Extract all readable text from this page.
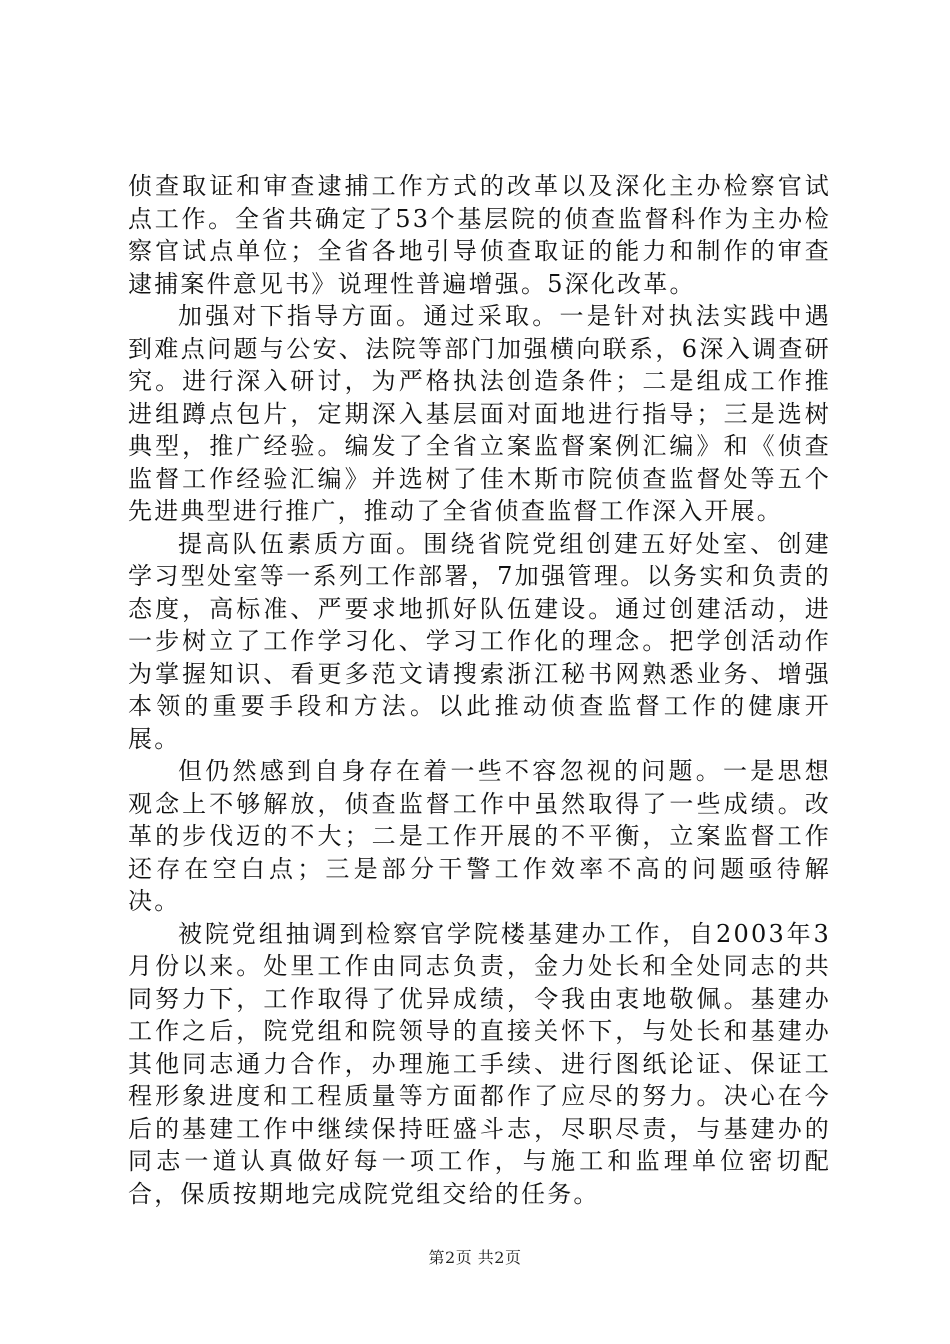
侦查取证和审查逮捕工作方式的改革以及深化主办检察官试点工作。全省共确定了53个基层院的侦查监督科作为主办检察官试点单位；全省各地引导侦查取证的能力和制作的审查逮捕案件意见书》说理性普遍增强。5深化改革。

加强对下指导方面。通过采取。一是针对执法实践中遇到难点问题与公安、法院等部门加强横向联系，6深入调查研究。进行深入研讨，为严格执法创造条件；二是组成工作推进组蹲点包片，定期深入基层面对面地进行指导；三是选树典型，推广经验。编发了全省立案监督案例汇编》和《侦查监督工作经验汇编》并选树了佳木斯市院侦查监督处等五个先进典型进行推广，推动了全省侦查监督工作深入开展。

提高队伍素质方面。围绕省院党组创建五好处室、创建学习型处室等一系列工作部署，7加强管理。以务实和负责的态度，高标准、严要求地抓好队伍建设。通过创建活动，进一步树立了工作学习化、学习工作化的理念。把学创活动作为掌握知识、看更多范文请搜索浙江秘书网熟悉业务、增强本领的重要手段和方法。以此推动侦查监督工作的健康开展。

但仍然感到自身存在着一些不容忽视的问题。一是思想观念上不够解放，侦查监督工作中虽然取得了一些成绩。改革的步伐迈的不大；二是工作开展的不平衡，立案监督工作还存在空白点；三是部分干警工作效率不高的问题亟待解决。

被院党组抽调到检察官学院楼基建办工作，自2003年3月份以来。处里工作由同志负责，金力处长和全处同志的共同努力下，工作取得了优异成绩，令我由衷地敬佩。基建办工作之后，院党组和院领导的直接关怀下，与处长和基建办其他同志通力合作，办理施工手续、进行图纸论证、保证工程形象进度和工程质量等方面都作了应尽的努力。决心在今后的基建工作中继续保持旺盛斗志，尽职尽责，与基建办的同志一道认真做好每一项工作，与施工和监理单位密切配合，保质按期地完成院党组交给的任务。

第2页 共2页
